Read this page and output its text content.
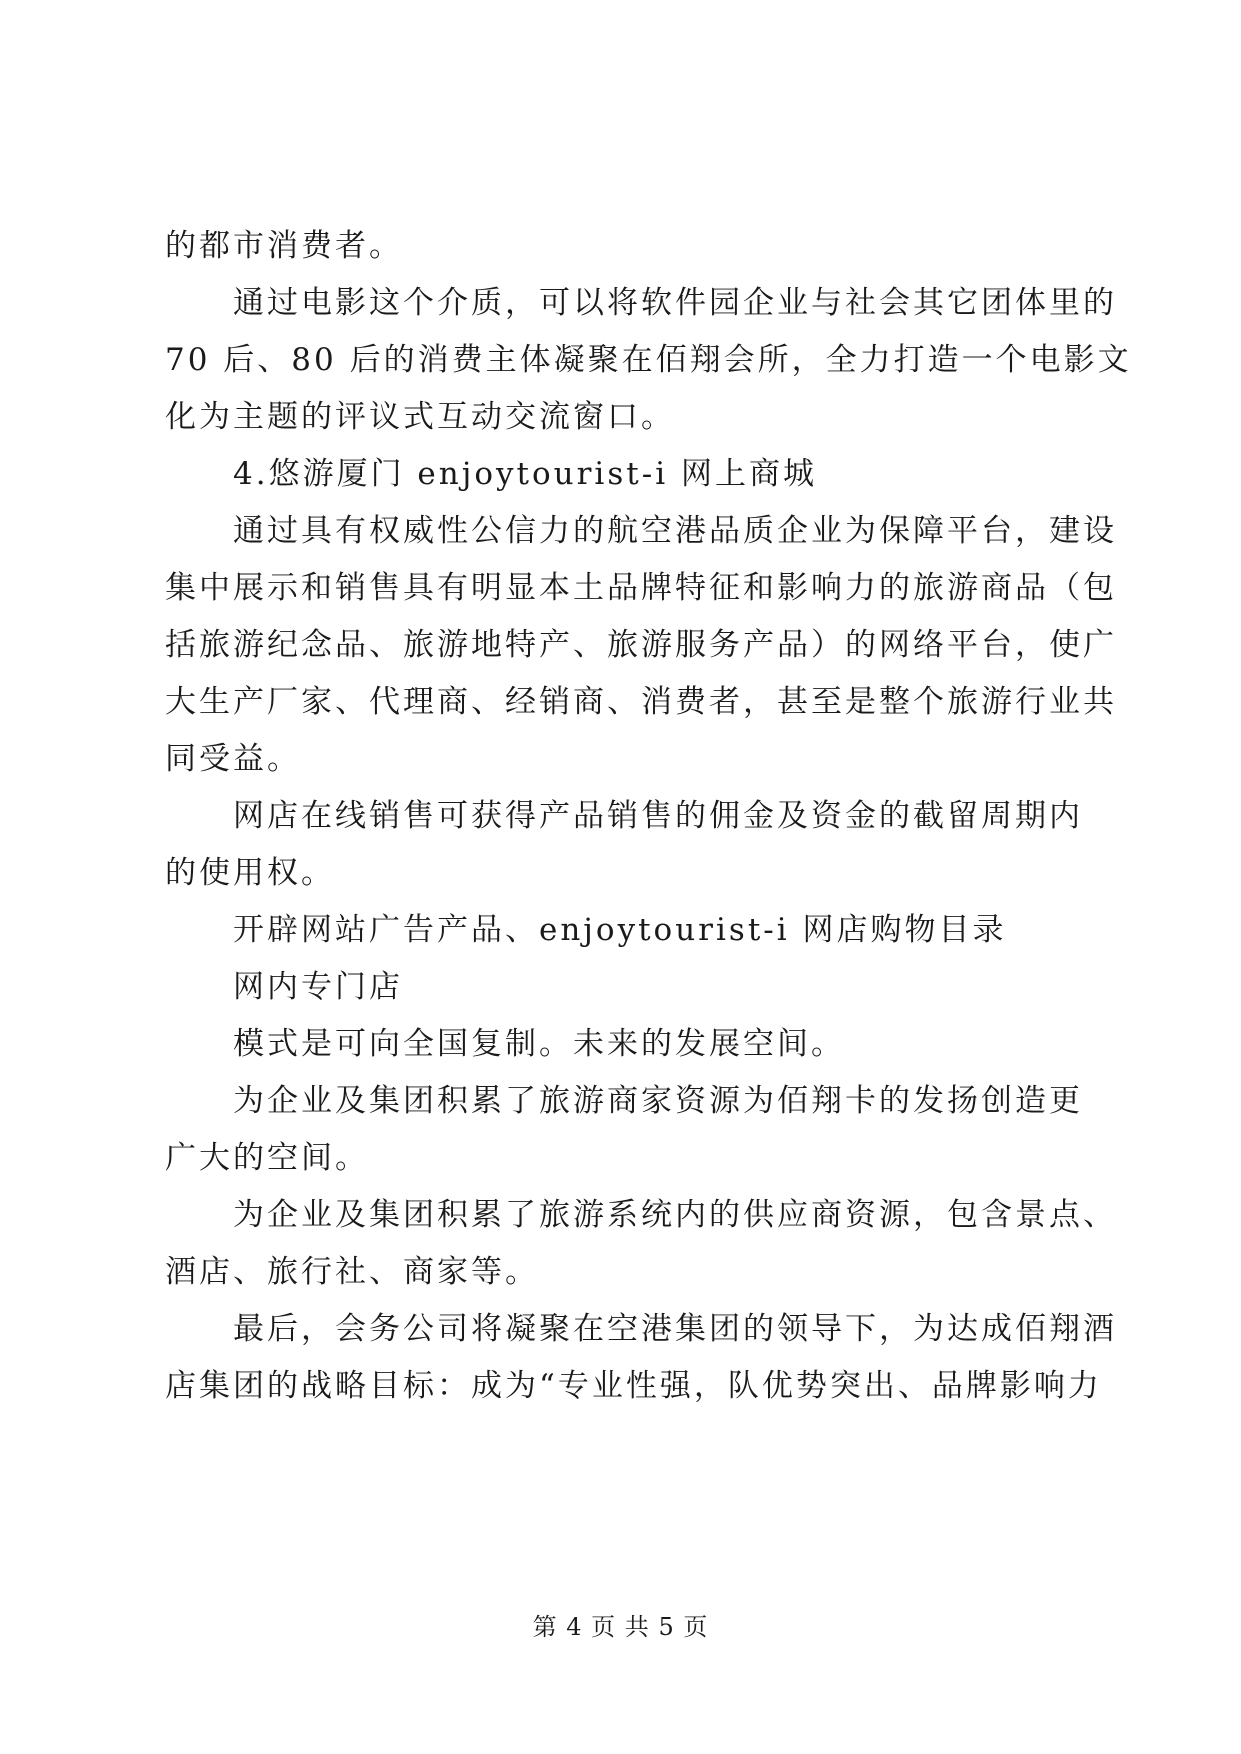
的都市消费者。
通过电影这个介质，可以将软件园企业与社会其它团体里的
70 后、80 后的消费主体凝聚在佰翔会所，全力打造一个电影文
化为主题的评议式互动交流窗口。
4.悠游厦门 enjoytourist-i 网上商城
通过具有权威性公信力的航空港品质企业为保障平台，建设
集中展示和销售具有明显本土品牌特征和影响力的旅游商品（包
括旅游纪念品、旅游地特产、旅游服务产品）的网络平台，使广
大生产厂家、代理商、经销商、消费者，甚至是整个旅游行业共
同受益。
网店在线销售可获得产品销售的佣金及资金的截留周期内
的使用权。
开辟网站广告产品、enjoytourist-i 网店购物目录
网内专门店
模式是可向全国复制。未来的发展空间。
为企业及集团积累了旅游商家资源为佰翔卡的发扬创造更
广大的空间。
为企业及集团积累了旅游系统内的供应商资源，包含景点、
酒店、旅行社、商家等。
最后，会务公司将凝聚在空港集团的领导下，为达成佰翔酒
店集团的战略目标：成为“专业性强，队优势突出、品牌影响力
第 4 页 共 5 页
